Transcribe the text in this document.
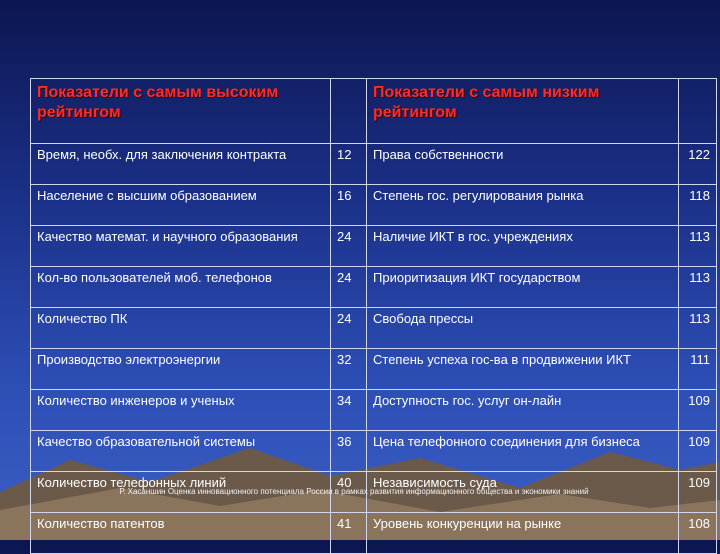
Показатели с самым высоким рейтингом		Показатели с самым низким рейтингом	
Время, необх. для заключения контракта	12	Права собственности	122
Население с высшим образованием	16	Степень гос. регулирования рынка	118
Качество математ. и научного образования	24	Наличие ИКТ в гос. учреждениях	113
Кол-во пользователей моб. телефонов	24	Приоритизация ИКТ государством	113
Количество ПК	24	Свобода прессы	113
Производство электроэнергии	32	Степень успеха гос-ва в продвижении ИКТ	111
Количество инженеров и ученых	34	Доступность гос. услуг он-лайн	109
Качество образовательной системы	36	Цена телефонного соединения для бизнеса	109
Количество телефонных линий	40	Независимость суда	109
Количество патентов	41	Уровень конкуренции на рынке	108
Р. Хасаншин Оценка инновационного потенциала России в рамках развития информационного общества и экономики знаний
